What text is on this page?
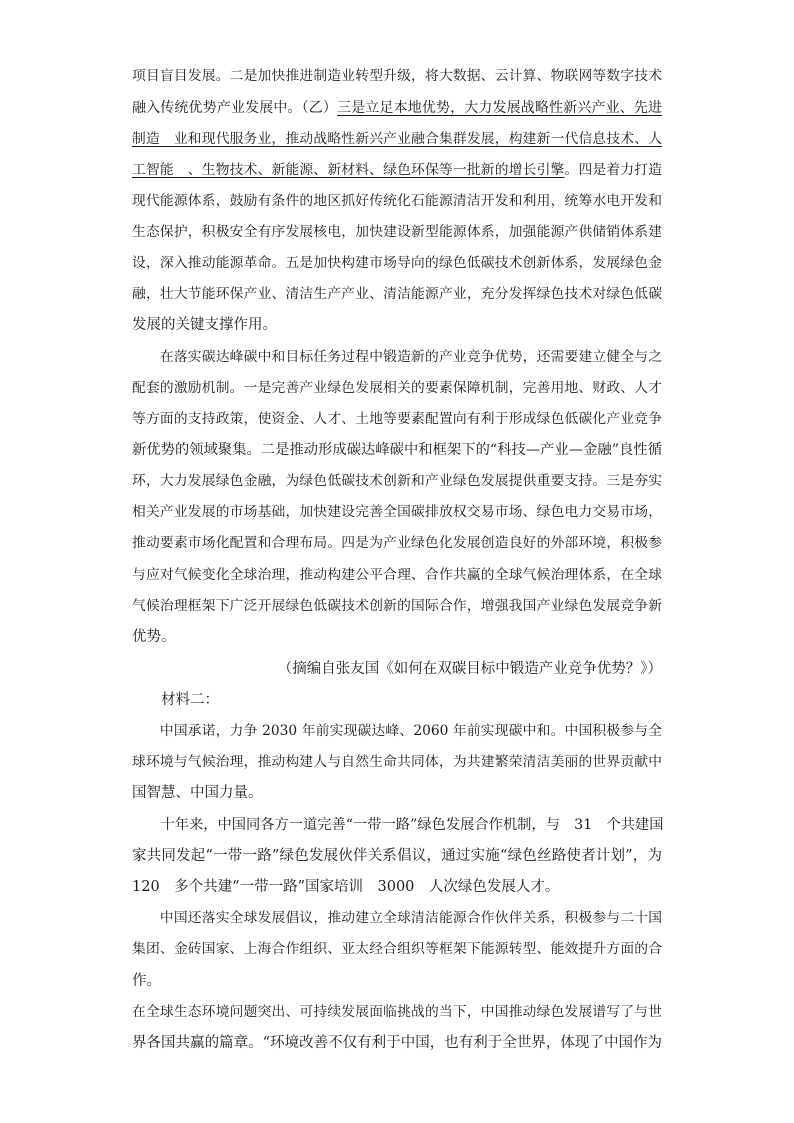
项目盲目发展。二是加快推进制造业转型升级，将大数据、云计算、物联网等数字技术
融入传统优势产业发展中。（乙）三是立足本地优势，大力发展战略性新兴产业、先进
制造　业和现代服务业，推动战略性新兴产业融合集群发展，构建新一代信息技术、人
工智能　、生物技术、新能源、新材料、绿色环保等一批新的增长引擎。四是着力打造
现代能源体系，鼓励有条件的地区抓好传统化石能源清洁开发和利用，统筹水电开发和
生态保护，积极安全有序发展核电，加快建设新型能源体系，加强能源产供储销体系建
设，深入推动能源革命。五是加快构建市场导向的绿色低碳技术创新体系，发展绿色金
融，壮大节能环保产业、清洁生产产业、清洁能源产业，充分发挥绿色技术对绿色低碳
发展的关键支撑作用。
　　在落实碳达峰碳中和目标任务过程中锻造新的产业竞争优势，还需要建立健全与之
配套的激励机制。一是完善产业绿色发展相关的要素保障机制，完善用地、财政、人才
等方面的支持政策，使资金、人才、土地等要素配置向有利于形成绿色低碳化产业竞争
新优势的领域聚集。二是推动形成碳达峰碳中和框架下的“科技—产业—金融”良性循
环，大力发展绿色金融，为绿色低碳技术创新和产业绿色发展提供重要支持。三是夯实
相关产业发展的市场基础，加快建设完善全国碳排放权交易市场、绿色电力交易市场，
推动要素市场化配置和合理布局。四是为产业绿色化发展创造良好的外部环境，积极参
与应对气候变化全球治理，推动构建公平合理、合作共赢的全球气候治理体系，在全球
气候治理框架下广泛开展绿色低碳技术创新的国际合作，增强我国产业绿色发展竞争新
优势。
（摘编自张友国《如何在双碳目标中锻造产业竞争优势？》）
　　材料二：
　　中国承诺，力争 2030 年前实现碳达峰、2060 年前实现碳中和。中国积极参与全
球环境与气候治理，推动构建人与自然生命共同体，为共建繁荣清洁美丽的世界贡献中
国智慧、中国力量。
　　十年来，中国同各方一道完善“一带一路”绿色发展合作机制，与　31　个共建国
家共同发起“一带一路”绿色发展伙伴关系倡议，通过实施“绿色丝路使者计划”，为
120　多个共建“一带一路”国家培训　3000　人次绿色发展人才。
　　中国还落实全球发展倡议，推动建立全球清洁能源合作伙伴关系，积极参与二十国
集团、金砖国家、上海合作组织、亚太经合组织等框架下能源转型、能效提升方面的合
作。
在全球生态环境问题突出、可持续发展面临挑战的当下，中国推动绿色发展谱写了与世
界各国共赢的篇章。“环境改善不仅有利于中国，也有利于全世界，体现了中国作为
